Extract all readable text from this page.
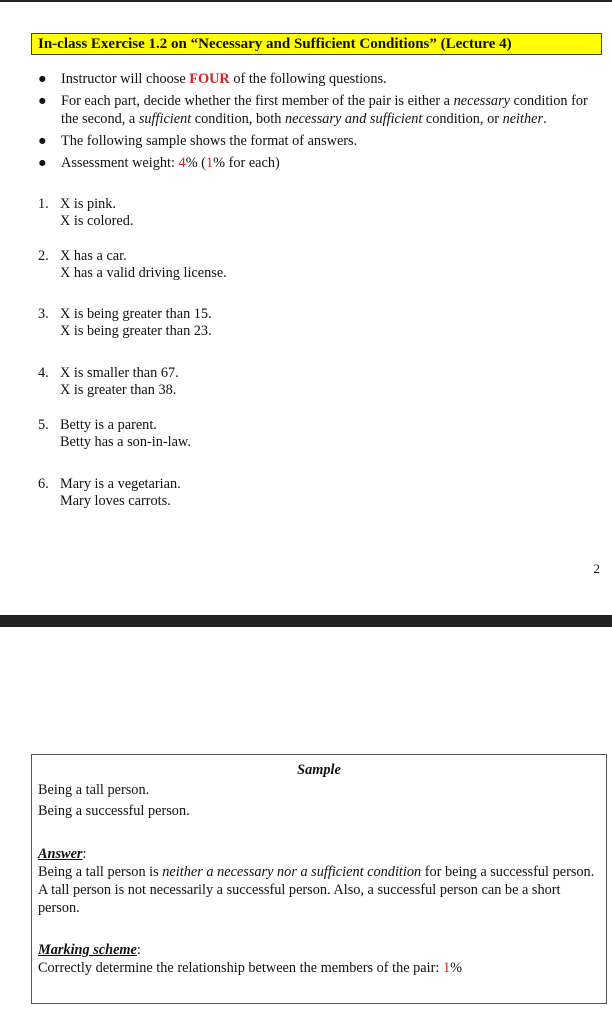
In-class Exercise 1.2 on “Necessary and Sufficient Conditions” (Lecture 4)
● Instructor will choose FOUR of the following questions.
● For each part, decide whether the first member of the pair is either a necessary condition for the second, a sufficient condition, both necessary and sufficient condition, or neither.
● The following sample shows the format of answers.
● Assessment weight: 4% (1% for each)
1. X is pink.
X is colored.
2. X has a car.
X has a valid driving license.
3. X is being greater than 15.
X is being greater than 23.
4. X is smaller than 67.
X is greater than 38.
5. Betty is a parent.
Betty has a son-in-law.
6. Mary is a vegetarian.
Mary loves carrots.
2
Sample
Being a tall person.
Being a successful person.
Answer:
Being a tall person is neither a necessary nor a sufficient condition for being a successful person. A tall person is not necessarily a successful person. Also, a successful person can be a short person.
Marking scheme:
Correctly determine the relationship between the members of the pair: 1%
